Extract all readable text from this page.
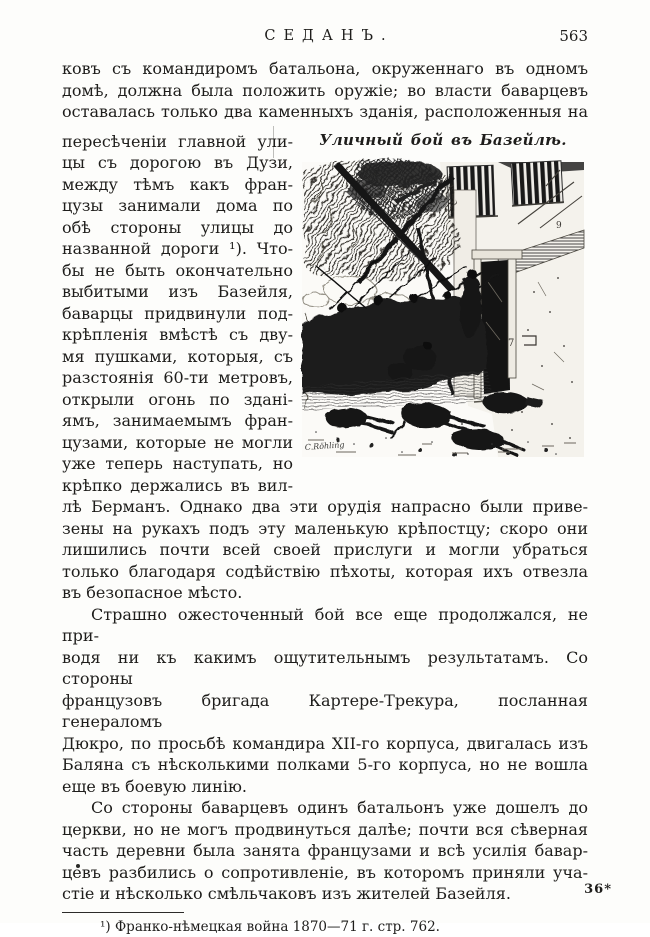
СЕДАНЪ.	563
ковъ съ командиромъ батальона, окруженнаго въ одномъ
домѣ, должна была положить оружіе; во власти баварцевъ
оставалась только два каменныхъ зданія, расположенныя на
пересѣченіи главной ули-
цы съ дорогою въ Дузи,
между тѣмъ какъ фран-
цузы занимали дома по
обѣ стороны улицы до
названной дороги ¹). Что-
бы не быть окончательно
выбитыми изъ Базейля,
баварцы придвинули под-
крѣпленія вмѣстѣ съ дву-
мя пушками, которыя, съ
разстоянія 60-ти метровъ,
открыли огонь по здані-
ямъ, занимаемымъ фран-
цузами, которые не могли
уже теперь наступать, но
крѣпко держались въ вил-
Уличный бой въ Базейлѣ.
9
7
C.Röhling
лѣ Берманъ. Однако два эти орудія напрасно были приве-
зены на рукахъ подъ эту маленькую крѣпостцу; скоро они
лишились почти всей своей прислуги и могли убраться
только благодаря содѣйствію пѣхоты, которая ихъ отвезла
въ безопасное мѣсто.
Страшно ожесточенный бой все еще продолжался, не при-
водя ни къ какимъ ощутительнымъ результатамъ. Со стороны
французовъ бригада Картере-Трекура, посланная генераломъ
Дюкро, по просьбѣ командира XII-го корпуса, двигалась изъ
Баляна съ нѣсколькими полками 5-го корпуса, но не вошла
еще въ боевую линію.
Со стороны баварцевъ одинъ батальонъ уже дошелъ до
церкви, но не могъ продвинуться далѣе; почти вся сѣверная
часть деревни была занята французами и всѣ усилія бавар-
цевъ разбились о сопротивленіе, въ которомъ приняли уча-
стіе и нѣсколько смѣльчаковъ изъ жителей Базейля.
¹) Франко-нѣмецкая война 1870—71 г. стр. 762.
36*
